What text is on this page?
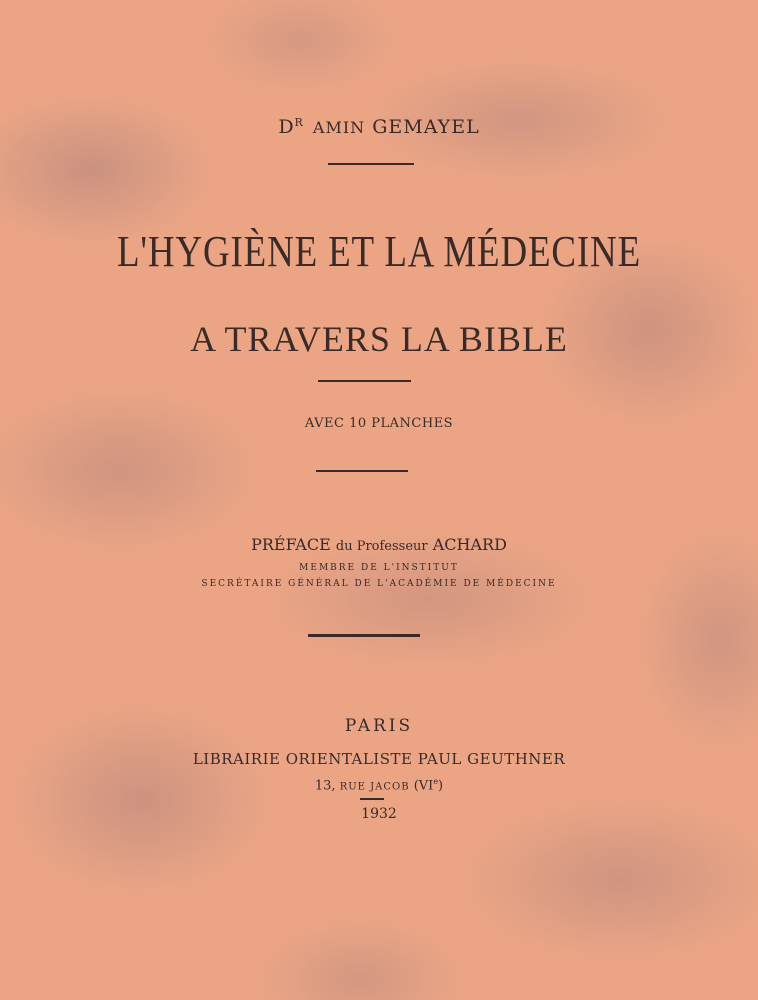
$D^R$ AMIN GEMAYEL
L'HYGIÈNE ET LA MÉDECINE
A TRAVERS LA BIBLE
AVEC 10 PLANCHES
PRÉFACE du Professeur ACHARD
MEMBRE DE L'INSTITUT
SECRÉTAIRE GÉNÉRAL DE L'ACADÉMIE DE MÉDECINE
PARIS
LIBRAIRIE ORIENTALISTE PAUL GEUTHNER
13, RUE JACOB (VIe)
1932
